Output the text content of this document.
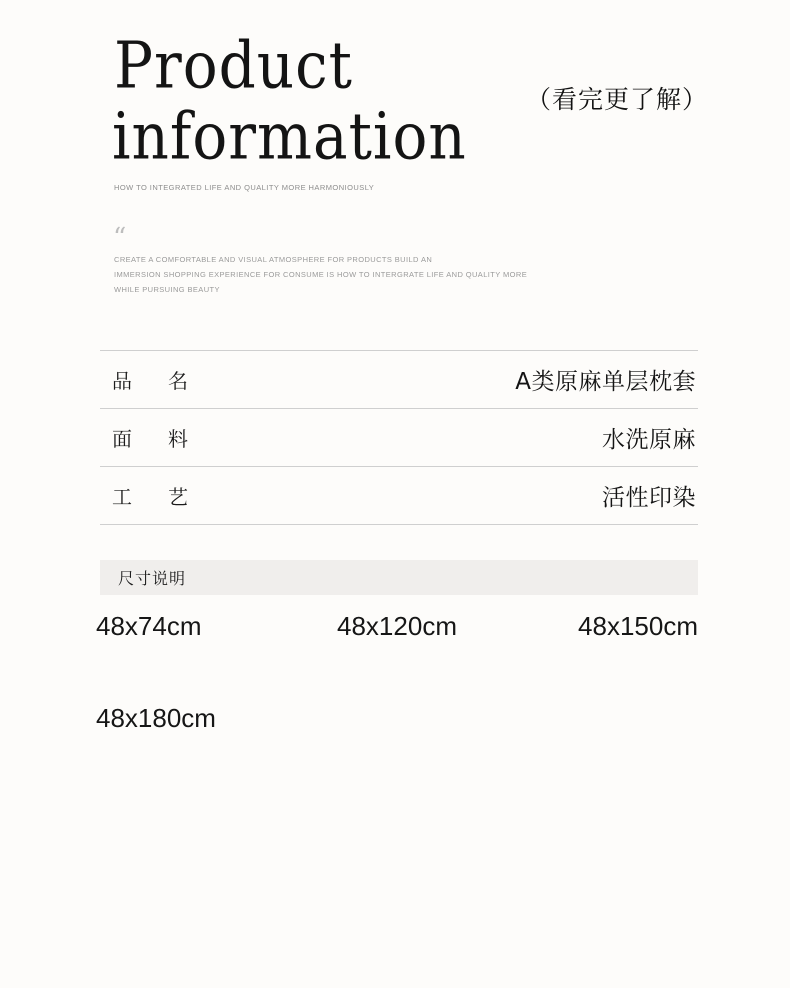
Product
information
HOW TO INTEGRATED LIFE AND QUALITY MORE HARMONIOUSLY
（看完更了解）
“
CREATE A COMFORTABLE AND VISUAL ATMOSPHERE FOR PRODUCTS BUILD AN
IMMERSION SHOPPING EXPERIENCE FOR CONSUME IS HOW TO INTERGRATE LIFE AND QUALITY MORE
WHILE PURSUING BEAUTY
品　名	A类原麻单层枕套
面　料	水洗原麻
工　艺	活性印染
尺寸说明
48x74cm	48x120cm	48x150cm
48x180cm
